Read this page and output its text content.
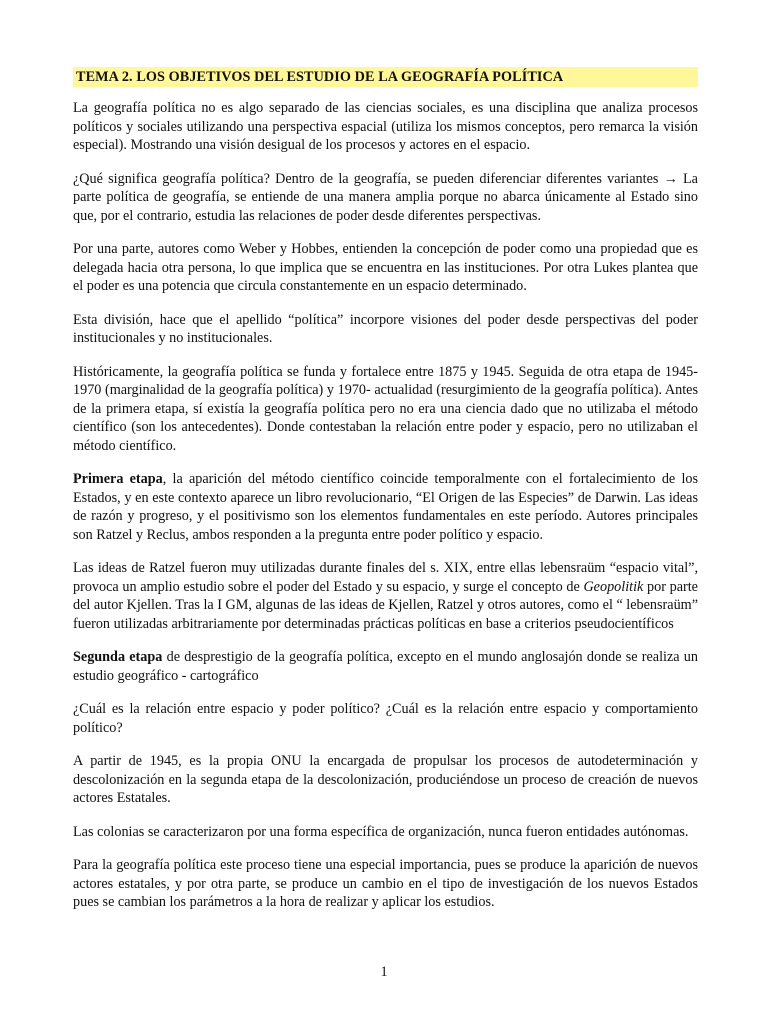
TEMA 2. LOS OBJETIVOS DEL ESTUDIO DE LA GEOGRAFÍA POLÍTICA

La geografía política no es algo separado de las ciencias sociales, es una disciplina que analiza procesos políticos y sociales utilizando una perspectiva espacial (utiliza los mismos conceptos, pero remarca la visión especial). Mostrando una visión desigual de los procesos y actores en el espacio.

¿Qué significa geografía política? Dentro de la geografía, se pueden diferenciar diferentes variantes → La parte política de geografía, se entiende de una manera amplia porque no abarca únicamente al Estado sino que, por el contrario, estudia las relaciones de poder desde diferentes perspectivas.

Por una parte, autores como Weber y Hobbes, entienden la concepción de poder como una propiedad que es delegada hacia otra persona, lo que implica que se encuentra en las instituciones. Por otra Lukes plantea que el poder es una potencia que circula constantemente en un espacio determinado.

Esta división, hace que el apellido “política” incorpore visiones del poder desde perspectivas del poder institucionales y no institucionales.

Históricamente, la geografía política se funda y fortalece entre 1875 y 1945. Seguida de otra etapa de 1945-1970 (marginalidad de la geografía política) y 1970- actualidad (resurgimiento de la geografía política). Antes de la primera etapa, sí existía la geografía política pero no era una ciencia dado que no utilizaba el método científico (son los antecedentes). Donde contestaban la relación entre poder y espacio, pero no utilizaban el método científico.

Primera etapa, la aparición del método científico coincide temporalmente con el fortalecimiento de los Estados, y en este contexto aparece un libro revolucionario, “El Origen de las Especies” de Darwin. Las ideas de razón y progreso, y el positivismo son los elementos fundamentales en este período. Autores principales son Ratzel y Reclus, ambos responden a la pregunta entre poder político y espacio.

Las ideas de Ratzel fueron muy utilizadas durante finales del s. XIX, entre ellas lebensraüm “espacio vital”, provoca un amplio estudio sobre el poder del Estado y su espacio, y surge el concepto de Geopolitik por parte del autor Kjellen. Tras la I GM, algunas de las ideas de Kjellen, Ratzel y otros autores, como el “ lebensraüm” fueron utilizadas arbitrariamente por determinadas prácticas políticas en base a criterios pseudocientíficos

Segunda etapa de desprestigio de la geografía política, excepto en el mundo anglosajón donde se realiza un estudio geográfico - cartográfico

¿Cuál es la relación entre espacio y poder político? ¿Cuál es la relación entre espacio y comportamiento político?

A partir de 1945, es la propia ONU la encargada de propulsar los procesos de autodeterminación y descolonización en la segunda etapa de la descolonización, produciéndose un proceso de creación de nuevos actores Estatales.

Las colonias se caracterizaron por una forma específica de organización, nunca fueron entidades autónomas.

Para la geografía política este proceso tiene una especial importancia, pues se produce la aparición de nuevos actores estatales, y por otra parte, se produce un cambio en el tipo de investigación de los nuevos Estados pues se cambian los parámetros a la hora de realizar y aplicar los estudios.

1
